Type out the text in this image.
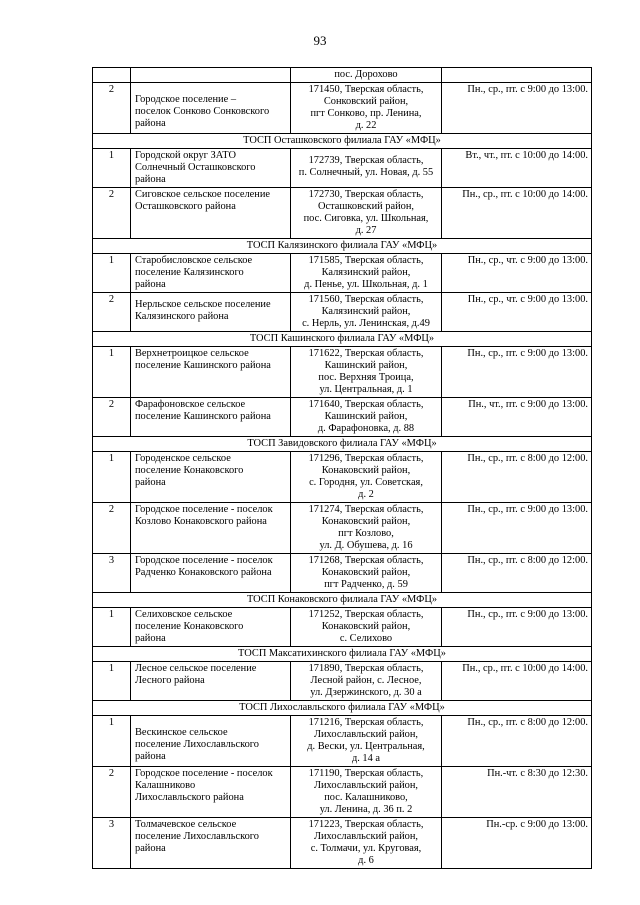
93
		пос. Дорохово	
2	Городское поселение –
поселок Сонково Сонковского
района	171450, Тверская область,
Сонковский район,
пгт Сонково, пр. Ленина,
д. 22	Пн., ср., пт. с 9:00 до 13:00.
ТОСП Осташковского филиала ГАУ «МФЦ»			
1	Городской округ ЗАТО
Солнечный Осташковского
района	172739, Тверская область,
п. Солнечный, ул. Новая, д. 55	Вт., чт., пт. с 10:00 до 14:00.
2	Сиговское сельское поселение
Осташковского района	172730, Тверская область,
Осташковский район,
пос. Сиговка, ул. Школьная,
д. 27	Пн., ср., пт. с 10:00 до 14:00.
ТОСП Калязинского филиала ГАУ «МФЦ»			
1	Старобисловское сельское
поселение Калязинского
района	171585, Тверская область,
Калязинский район,
д. Пенье, ул. Школьная, д. 1	Пн., ср., чт. с 9:00 до 13:00.
2	Нерльское сельское поселение
Калязинского района	171560, Тверская область,
Калязинский район,
с. Нерль, ул. Ленинская, д.49	Пн., ср., чт. с 9:00 до 13:00.
ТОСП Кашинского филиала ГАУ «МФЦ»			
1	Верхнетроицкое сельское
поселение Кашинского района	171622, Тверская область,
Кашинский район,
пос. Верхняя Троица,
ул. Центральная, д. 1	Пн., ср., пт. с 9:00 до 13:00.
2	Фарафоновское сельское
поселение Кашинского района	171640, Тверская область,
Кашинский район,
д. Фарафоновка, д. 88	Пн., чт., пт. с 9:00 до 13:00.
ТОСП Завидовского филиала ГАУ «МФЦ»			
1	Городенское сельское
поселение Конаковского
района	171296, Тверская область,
Конаковский район,
с. Городня, ул. Советская,
д. 2	Пн., ср., пт. с 8:00 до 12:00.
2	Городское поселение - поселок
Козлово Конаковского района	171274, Тверская область,
Конаковский район,
пгт Козлово,
ул. Д. Обушева, д. 16	Пн., ср., пт. с 9:00 до 13:00.
3	Городское поселение - поселок
Радченко Конаковского района	171268, Тверская область,
Конаковский район,
пгт Радченко, д. 59	Пн., ср., пт. с 8:00 до 12:00.
ТОСП Конаковского филиала ГАУ «МФЦ»			
1	Селиховское сельское
поселение Конаковского
района	171252, Тверская область,
Конаковский район,
с. Селихово	Пн., ср., пт. с 9:00 до 13:00.
ТОСП Максатихинского филиала ГАУ «МФЦ»			
1	Лесное сельское поселение
Лесного района	171890, Тверская область,
Лесной район, с. Лесное,
ул. Дзержинского, д. 30 а	Пн., ср., пт. с 10:00 до 14:00.
ТОСП Лихославльского филиала ГАУ «МФЦ»			
1	Вескинское сельское
поселение Лихославльского
района	171216, Тверская область,
Лихославльский район,
д. Вески, ул. Центральная,
д. 14 а	Пн., ср., пт. с 8:00 до 12:00.
2	Городское поселение - поселок
Калашниково
Лихославльского района	171190, Тверская область,
Лихославльский район,
пос. Калашниково,
ул. Ленина, д. 36 п. 2	Пн.-чт. с 8:30 до 12:30.
3	Толмачевское сельское
поселение Лихославльского
района	171223, Тверская область,
Лихославльский район,
с. Толмачи, ул. Круговая,
д. 6	Пн.-ср. с 9:00 до 13:00.
